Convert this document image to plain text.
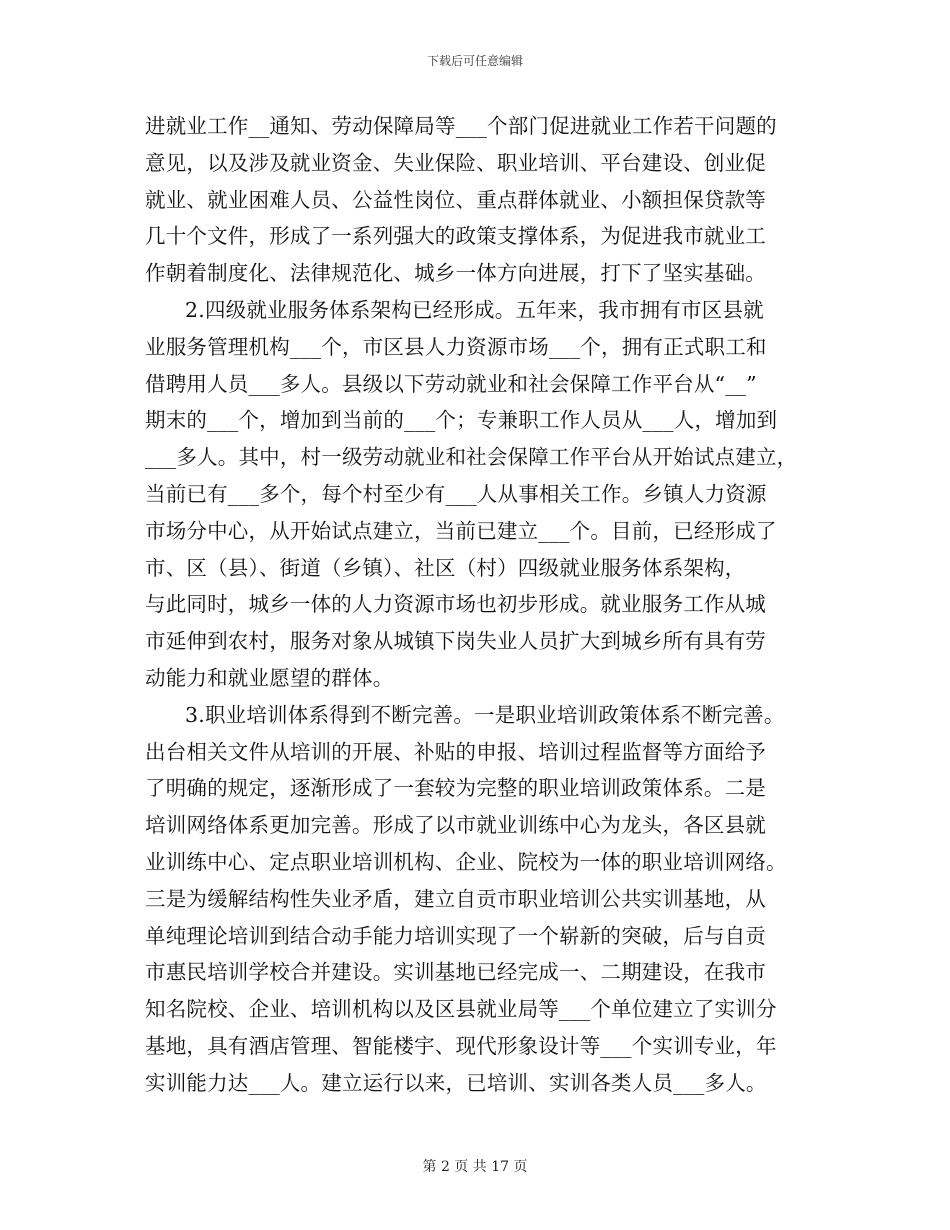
下载后可任意编辑
进就业工作__通知、劳动保障局等___个部门促进就业工作若干问题的
意见，以及涉及就业资金、失业保险、职业培训、平台建设、创业促
就业、就业困难人员、公益性岗位、重点群体就业、小额担保贷款等
几十个文件，形成了一系列强大的政策支撑体系，为促进我市就业工
作朝着制度化、法律规范化、城乡一体方向进展，打下了坚实基础。
2.四级就业服务体系架构已经形成。五年来，我市拥有市区县就
业服务管理机构___个，市区县人力资源市场___个，拥有正式职工和
借聘用人员___多人。县级以下劳动就业和社会保障工作平台从“__”
期末的___个，增加到当前的___个；专兼职工作人员从___人，增加到
___多人。其中，村一级劳动就业和社会保障工作平台从开始试点建立，
当前已有___多个，每个村至少有___人从事相关工作。乡镇人力资源
市场分中心，从开始试点建立，当前已建立___个。目前，已经形成了
市、区（县）、街道（乡镇）、社区（村）四级就业服务体系架构，
与此同时，城乡一体的人力资源市场也初步形成。就业服务工作从城
市延伸到农村，服务对象从城镇下岗失业人员扩大到城乡所有具有劳
动能力和就业愿望的群体。
3.职业培训体系得到不断完善。一是职业培训政策体系不断完善。
出台相关文件从培训的开展、补贴的申报、培训过程监督等方面给予
了明确的规定，逐渐形成了一套较为完整的职业培训政策体系。二是
培训网络体系更加完善。形成了以市就业训练中心为龙头，各区县就
业训练中心、定点职业培训机构、企业、院校为一体的职业培训网络。
三是为缓解结构性失业矛盾，建立自贡市职业培训公共实训基地，从
单纯理论培训到结合动手能力培训实现了一个崭新的突破，后与自贡
市惠民培训学校合并建设。实训基地已经完成一、二期建设，在我市
知名院校、企业、培训机构以及区县就业局等___个单位建立了实训分
基地，具有酒店管理、智能楼宇、现代形象设计等___个实训专业，年
实训能力达___人。建立运行以来，已培训、实训各类人员___多人。
第 2 页 共 17 页
